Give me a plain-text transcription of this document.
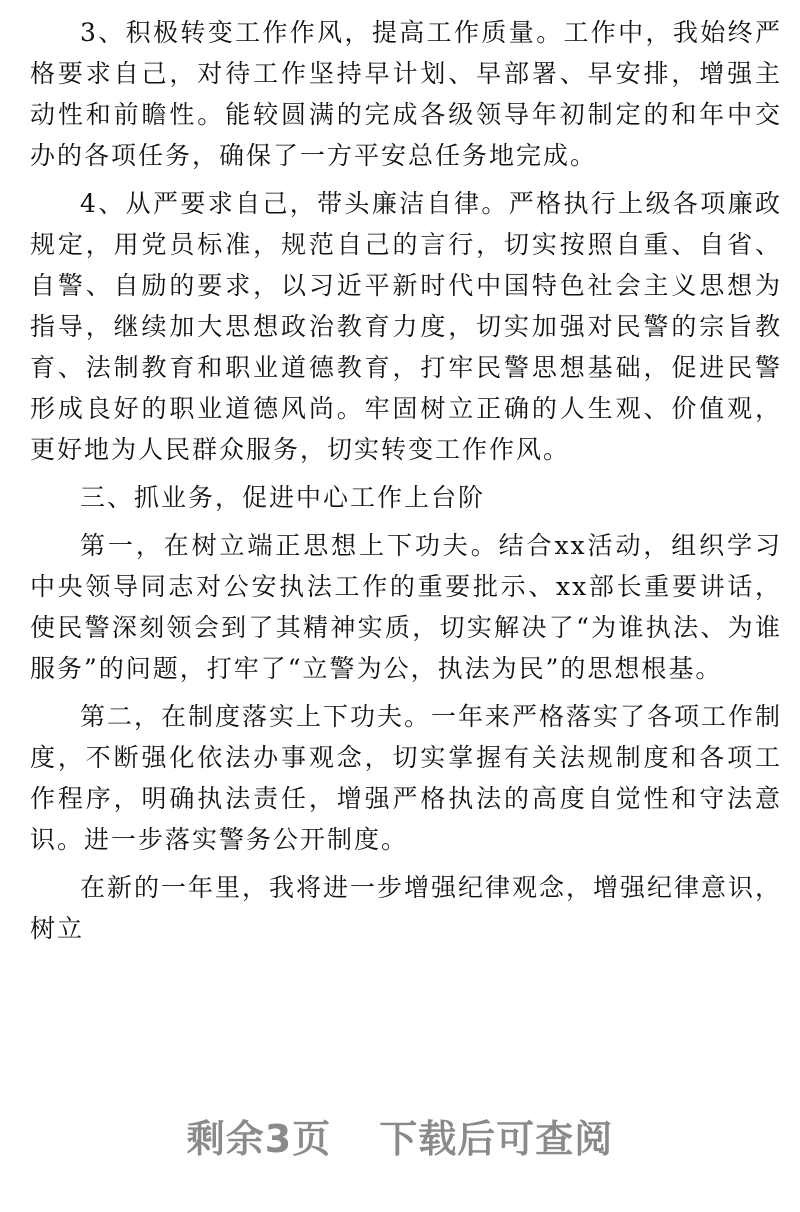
3、积极转变工作作风，提高工作质量。工作中，我始终严格要求自己，对待工作坚持早计划、早部署、早安排，增强主动性和前瞻性。能较圆满的完成各级领导年初制定的和年中交办的各项任务，确保了一方平安总任务地完成。

4、从严要求自己，带头廉洁自律。严格执行上级各项廉政规定，用党员标准，规范自己的言行，切实按照自重、自省、自警、自励的要求，以习近平新时代中国特色社会主义思想为指导，继续加大思想政治教育力度，切实加强对民警的宗旨教育、法制教育和职业道德教育，打牢民警思想基础，促进民警形成良好的职业道德风尚。牢固树立正确的人生观、价值观，更好地为人民群众服务，切实转变工作作风。

三、抓业务，促进中心工作上台阶

第一，在树立端正思想上下功夫。结合xx活动，组织学习中央领导同志对公安执法工作的重要批示、xx部长重要讲话，使民警深刻领会到了其精神实质，切实解决了“为谁执法、为谁服务”的问题，打牢了“立警为公，执法为民”的思想根基。

第二，在制度落实上下功夫。一年来严格落实了各项工作制度，不断强化依法办事观念，切实掌握有关法规制度和各项工作程序，明确执法责任，增强严格执法的高度自觉性和守法意识。进一步落实警务公开制度。

在新的一年里，我将进一步增强纪律观念，增强纪律意识，树立

剩余3页 下载后可查阅
